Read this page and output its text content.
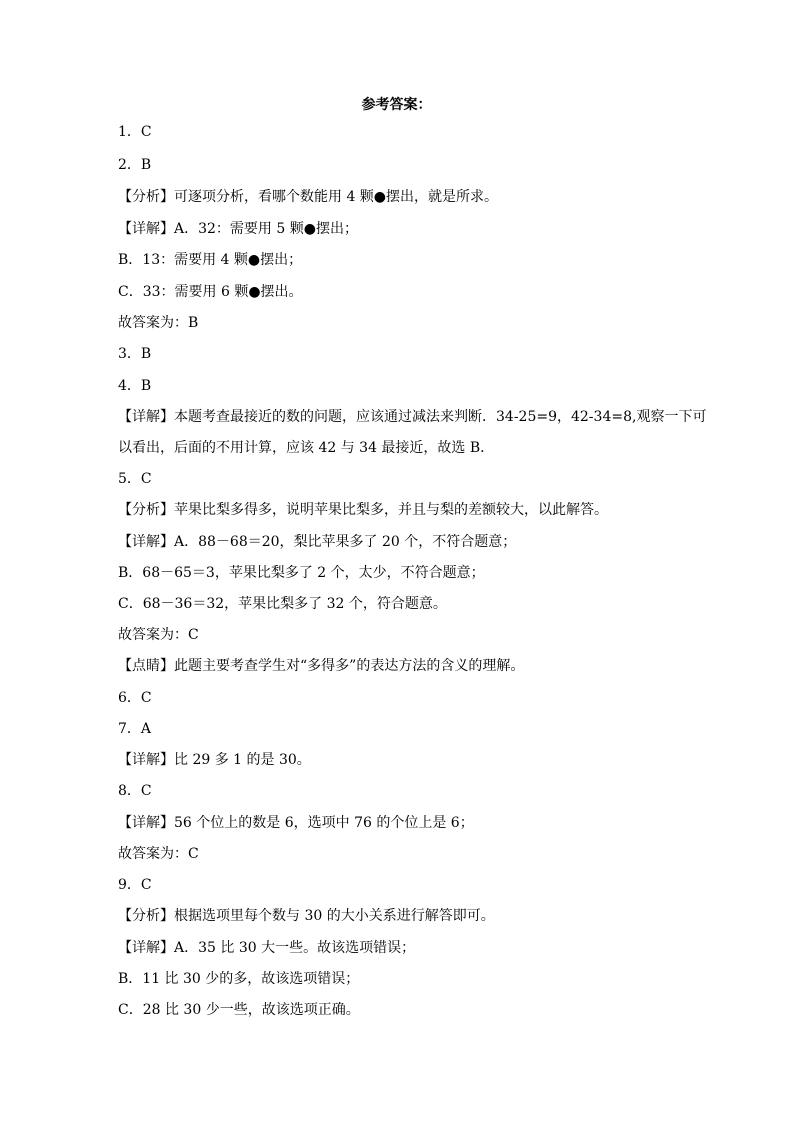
参考答案：
1．C
2．B
【分析】可逐项分析，看哪个数能用 4 颗●摆出，就是所求。
【详解】A．32：需要用 5 颗●摆出；
B．13：需要用 4 颗●摆出；
C．33：需要用 6 颗●摆出。
故答案为：B
3．B
4．B
【详解】本题考查最接近的数的问题，应该通过减法来判断．34-25=9，42-34=8,观察一下可
以看出，后面的不用计算，应该 42 与 34 最接近，故选 B．
5．C
【分析】苹果比梨多得多，说明苹果比梨多，并且与梨的差额较大，以此解答。
【详解】A．88－68＝20，梨比苹果多了 20 个，不符合题意；
B．68－65＝3，苹果比梨多了 2 个，太少，不符合题意；
C．68－36＝32，苹果比梨多了 32 个，符合题意。
故答案为：C
【点睛】此题主要考查学生对“多得多”的表达方法的含义的理解。
6．C
7．A
【详解】比 29 多 1 的是 30。
8．C
【详解】56 个位上的数是 6，选项中 76 的个位上是 6；
故答案为：C
9．C
【分析】根据选项里每个数与 30 的大小关系进行解答即可。
【详解】A．35 比 30 大一些。故该选项错误；
B．11 比 30 少的多，故该选项错误；
C．28 比 30 少一些，故该选项正确。
